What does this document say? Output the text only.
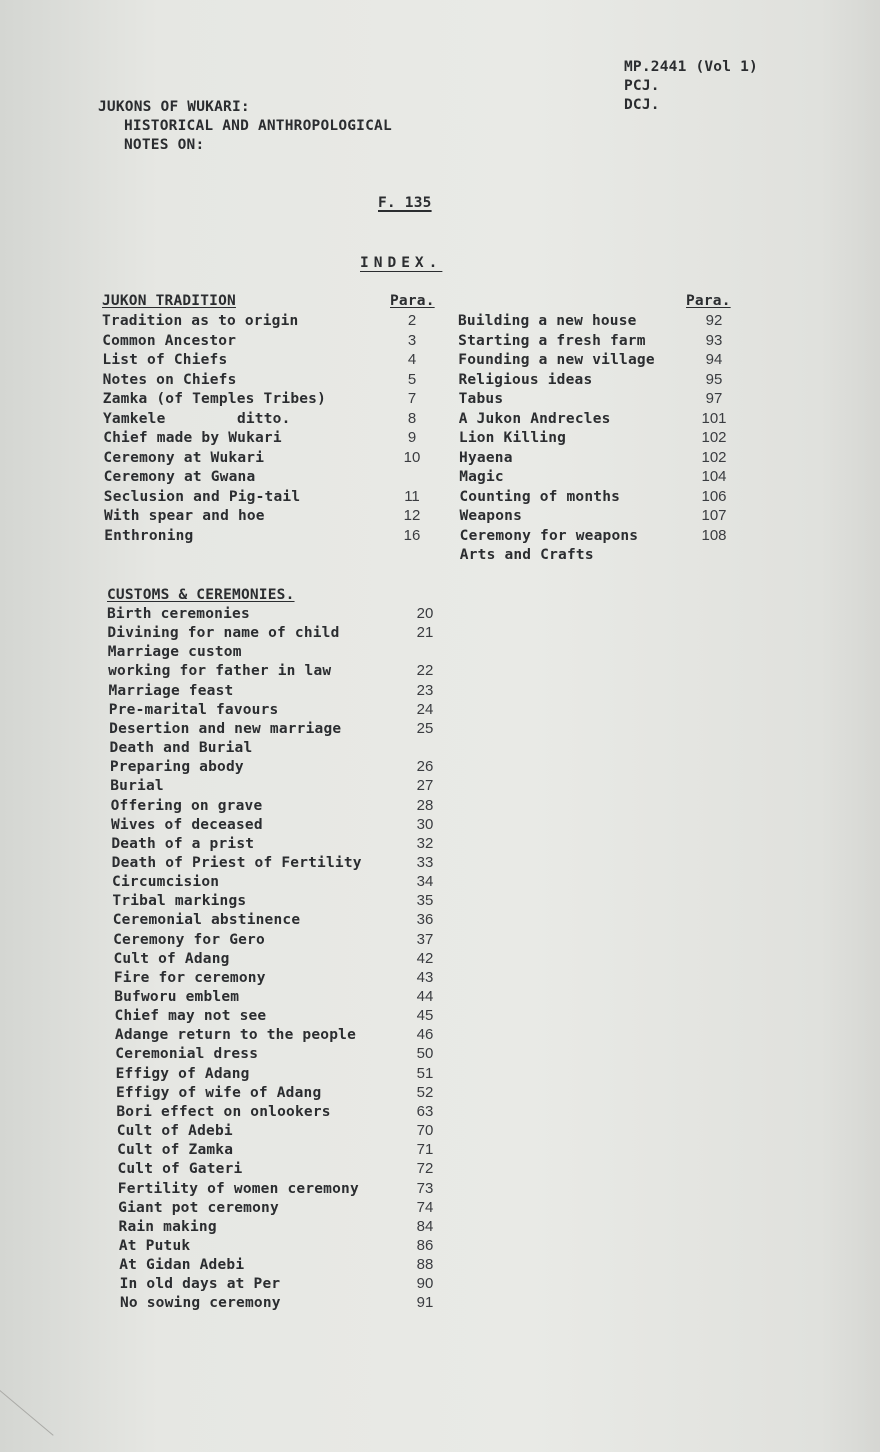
MP.2441 (Vol 1)
PCJ.
DCJ.
JUKONS OF WUKARI:
HISTORICAL AND ANTHROPOLOGICAL
NOTES ON:
F. 135
INDEX.
JUKON TRADITION	Para.
Tradition as to origin	2
Common Ancestor	3
List of Chiefs	4
Notes on Chiefs	5
Zamka (of Temples Tribes)	7
Yamkele        ditto.	8
Chief made by Wukari	9
Ceremony at Wukari	10
Ceremony at Gwana
Seclusion and Pig-tail	11
With spear and hoe	12
Enthroning	16
Para.
Building a new house	92
Starting a fresh farm	93
Founding a new village	94
Religious ideas	95
Tabus	97
A Jukon Andrecles	101
Lion Killing	102
Hyaena	102
Magic	104
Counting of months	106
Weapons	107
Ceremony for weapons	108
Arts and Crafts
CUSTOMS & CEREMONIES.
Birth ceremonies	20
Divining for name of child	21
Marriage custom
working for father in law	22
Marriage feast	23
Pre-marital favours	24
Desertion and new marriage	25
Death and Burial
Preparing abody	26
Burial	27
Offering on grave	28
Wives of deceased	30
Death of a prist	32
Death of Priest of Fertility	33
Circumcision	34
Tribal markings	35
Ceremonial abstinence	36
Ceremony for Gero	37
Cult of Adang	42
Fire for ceremony	43
Bufworu emblem	44
Chief may not see	45
Adange return to the people	46
Ceremonial dress	50
Effigy of Adang	51
Effigy of wife of Adang	52
Bori effect on onlookers	63
Cult of Adebi	70
Cult of Zamka	71
Cult of Gateri	72
Fertility of women ceremony	73
Giant pot ceremony	74
Rain making	84
At Putuk	86
At Gidan Adebi	88
In old days at Per	90
No sowing ceremony	91
